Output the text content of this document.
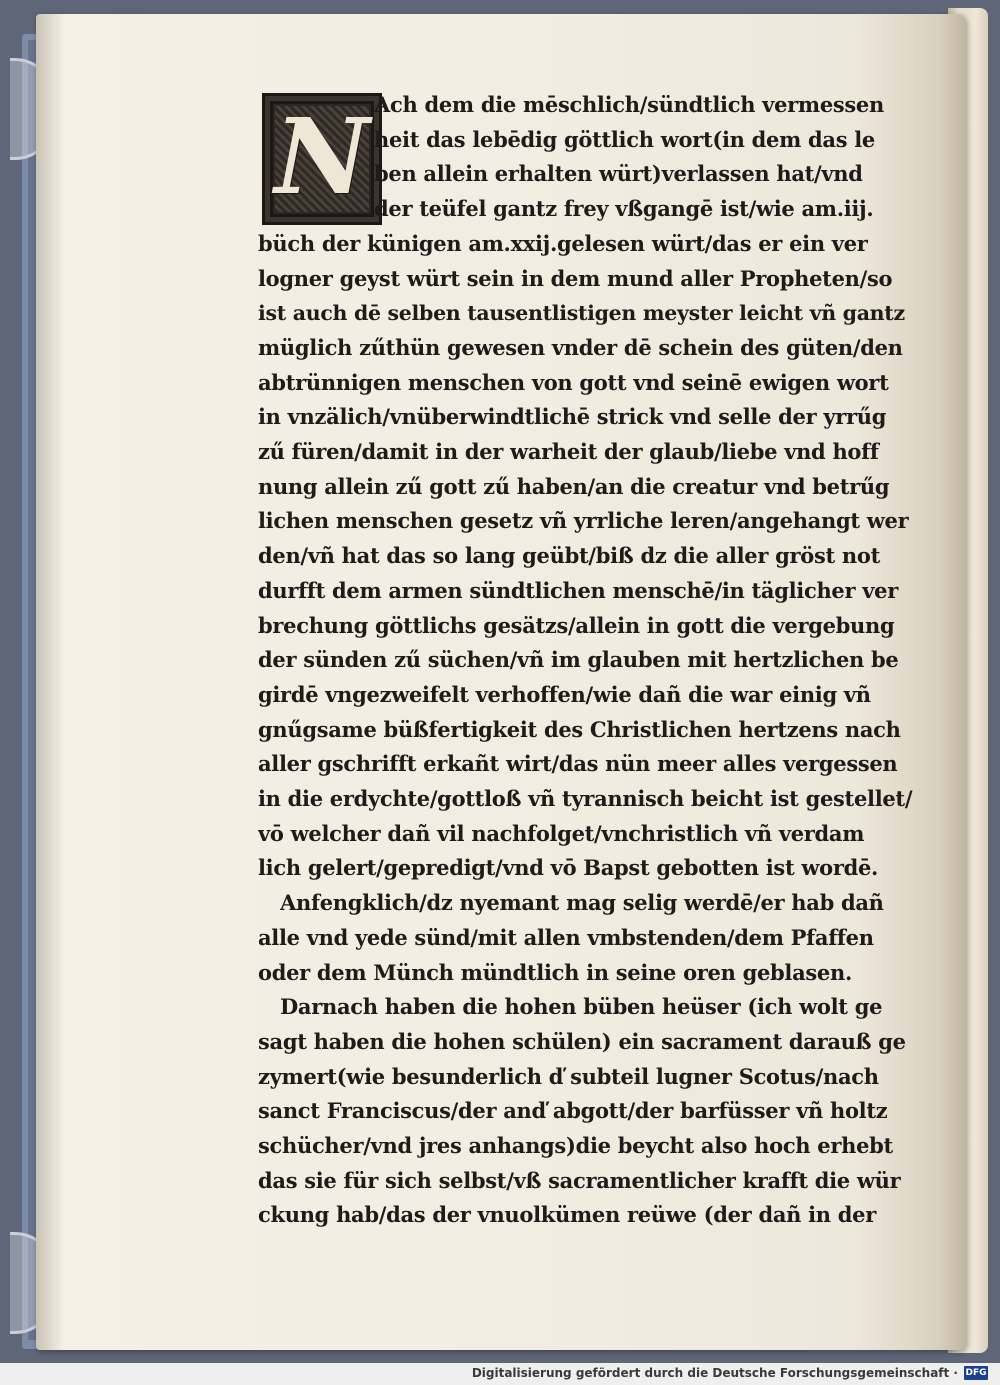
N Ach dem die mēschlich/sündtlich vermessen
heit das lebēdig göttlich wort(in dem das le
ben allein erhalten würt)verlassen hat/vnd
der teüfel gantz frey vßgangē ist/wie am.iij.
büch der künigen am.xxij.gelesen würt/das er ein ver
logner geyst würt sein in dem mund aller Propheten/so
ist auch dē selben tausentlistigen meyster leicht vñ gantz
müglich zűthün gewesen vnder dē schein des güten/den
abtrünnigen menschen von gott vnd seinē ewigen wort
in vnzälich/vnüberwindtlichē strick vnd selle der yrrűg
zű füren/damit in der warheit der glaub/liebe vnd hoff
nung allein zű gott zű haben/an die creatur vnd betrűg
lichen menschen gesetz vñ yrrliche leren/angehangt wer
den/vñ hat das so lang geübt/biß dz die aller gröst not
durfft dem armen sündtlichen menschē/in täglicher ver
brechung göttlichs gesätzs/allein in gott die vergebung
der sünden zű süchen/vñ im glauben mit hertzlichen be
girdē vngezweifelt verhoffen/wie dañ die war einig vñ
gnűgsame büßfertigkeit des Christlichen hertzens nach
aller gschrifft erkañt wirt/das nün meer alles vergessen
in die erdychte/gottloß vñ tyrannisch beicht ist gestellet/
vō welcher dañ vil nachfolget/vnchristlich vñ verdam
lich gelert/gepredigt/vnd vō Bapst gebotten ist wordē.
Anfengklich/dz nyemant mag selig werdē/er hab dañ
alle vnd yede sünd/mit allen vmbstenden/dem Pfaffen
oder dem Münch mündtlich in seine oren geblasen.
Darnach haben die hohen büben heüser (ich wolt ge
sagt haben die hohen schülen) ein sacrament darauß ge
zymert(wie besunderlich ď subteil lugner Scotus/nach
sanct Franciscus/der anď abgott/der barfüsser vñ holtz
schücher/vnd jres anhangs)die beycht also hoch erhebt
das sie für sich selbst/vß sacramentlicher krafft die wür
ckung hab/das der vnuolkümen reüwe (der dañ in der
Digitalisierung gefördert durch die Deutsche Forschungsgemeinschaft · DFG
